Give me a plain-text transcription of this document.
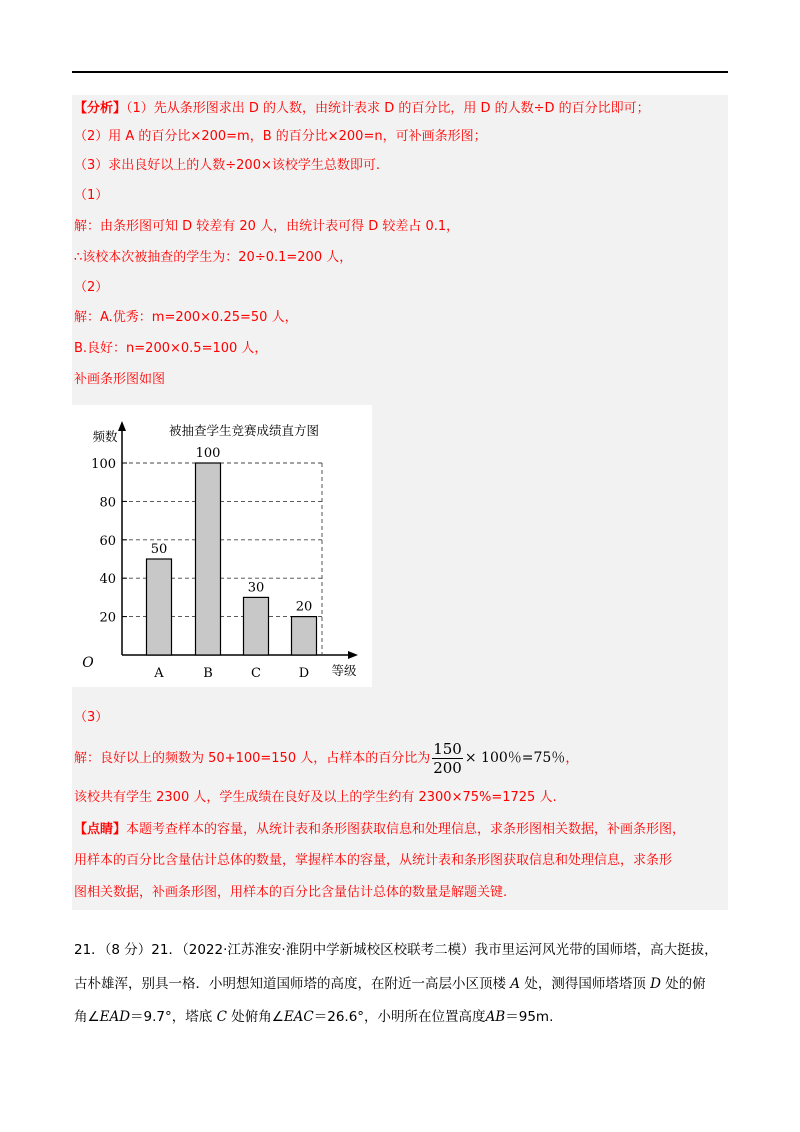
【分析】（1）先从条形图求出 D 的人数，由统计表求 D 的百分比，用 D 的人数÷D 的百分比即可；
（2）用 A 的百分比×200=m，B 的百分比×200=n，可补画条形图；
（3）求出良好以上的人数÷200×该校学生总数即可.
（1）
解：由条形图可知 D 较差有 20 人，由统计表可得 D 较差占 0.1，
∴该校本次被抽查的学生为：20÷0.1=200 人，
（2）
解：A.优秀：m=200×0.25=50 人，
B.良好：n=200×0.5=100 人，
补画条形图如图
20
40
60
80
100
50
A
100
B
30
C
20
D
被抽查学生竞赛成绩直方图
频数
等级
O
（3）
解：良好以上的频数为 50+100=150 人，占样本的百分比为 $\frac{150}{200} \times 100$％=75％，
该校共有学生 2300 人，学生成绩在良好及以上的学生约有 2300×75%=1725 人.
【点睛】本题考查样本的容量，从统计表和条形图获取信息和处理信息，求条形图相关数据，补画条形图，
用样本的百分比含量估计总体的数量，掌握样本的容量，从统计表和条形图获取信息和处理信息，求条形
图相关数据，补画条形图，用样本的百分比含量估计总体的数量是解题关键.
21．（8 分）21．（2022·江苏淮安·淮阴中学新城校区校联考二模）我市里运河风光带的国师塔，高大挺拔，
古朴雄浑，别具一格．小明想知道国师塔的高度，在附近一高层小区顶楼 A 处，测得国师塔塔顶 D 处的俯
角∠EAD＝9.7°，塔底 C 处俯角∠EAC＝26.6°，小明所在位置高度AB＝95m.
